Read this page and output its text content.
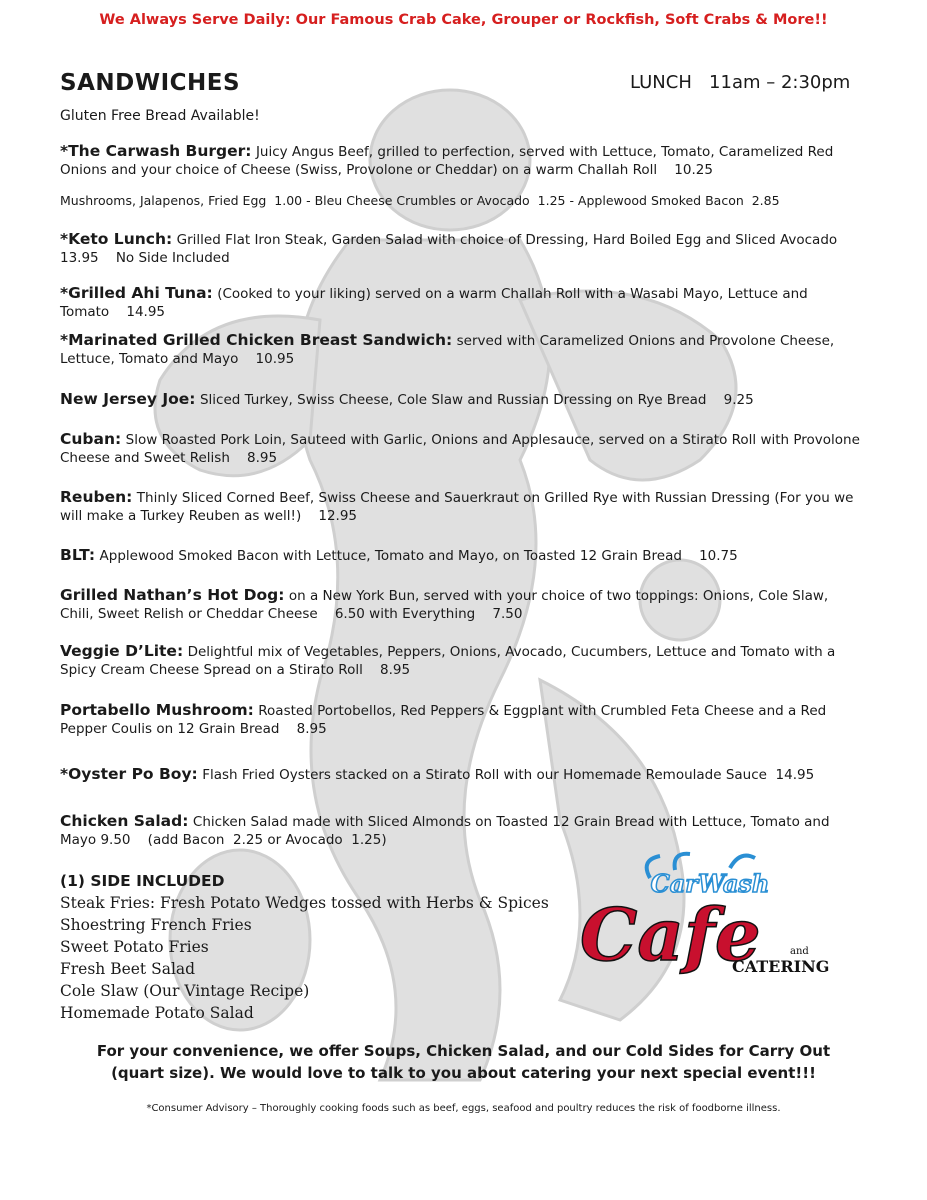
We Always Serve Daily: Our Famous Crab Cake, Grouper or Rockfish, Soft Crabs & More!!
SANDWICHES	LUNCH   11am – 2:30pm
Gluten Free Bread Available!
*The Carwash Burger: Juicy Angus Beef, grilled to perfection, served with Lettuce, Tomato, Caramelized Red Onions and your choice of Cheese (Swiss, Provolone or Cheddar) on a warm Challah Roll    10.25
Mushrooms, Jalapenos, Fried Egg  1.00 - Bleu Cheese Crumbles or Avocado  1.25 - Applewood Smoked Bacon  2.85
*Keto Lunch: Grilled Flat Iron Steak, Garden Salad with choice of Dressing, Hard Boiled Egg and Sliced Avocado    13.95    No Side Included
*Grilled Ahi Tuna: (Cooked to your liking) served on a warm Challah Roll with a Wasabi Mayo, Lettuce and Tomato    14.95
*Marinated Grilled Chicken Breast Sandwich: served with Caramelized Onions and Provolone Cheese, Lettuce, Tomato and Mayo    10.95
New Jersey Joe: Sliced Turkey, Swiss Cheese, Cole Slaw and Russian Dressing on Rye Bread    9.25
Cuban: Slow Roasted Pork Loin, Sauteed with Garlic, Onions and Applesauce, served on a Stirato Roll with Provolone Cheese and Sweet Relish    8.95
Reuben: Thinly Sliced Corned Beef, Swiss Cheese and Sauerkraut on Grilled Rye with Russian Dressing (For you we will make a Turkey Reuben as well!)    12.95
BLT: Applewood Smoked Bacon with Lettuce, Tomato and Mayo, on Toasted 12 Grain Bread    10.75
Grilled Nathan’s Hot Dog: on a New York Bun, served with your choice of two toppings: Onions, Cole Slaw, Chili, Sweet Relish or Cheddar Cheese    6.50 with Everything    7.50
Veggie D’Lite: Delightful mix of Vegetables, Peppers, Onions, Avocado, Cucumbers, Lettuce and Tomato with a Spicy Cream Cheese Spread on a Stirato Roll    8.95
Portabello Mushroom: Roasted Portobellos, Red Peppers & Eggplant with Crumbled Feta Cheese and a Red Pepper Coulis on 12 Grain Bread    8.95
*Oyster Po Boy: Flash Fried Oysters stacked on a Stirato Roll with our Homemade Remoulade Sauce  14.95
Chicken Salad: Chicken Salad made with Sliced Almonds on Toasted 12 Grain Bread with Lettuce, Tomato and Mayo 9.50    (add Bacon  2.25 or Avocado  1.25)
(1) SIDE INCLUDED
Steak Fries: Fresh Potato Wedges tossed with Herbs & Spices
Shoestring French Fries
Sweet Potato Fries
Fresh Beet Salad
Cole Slaw (Our Vintage Recipe)
Homemade Potato Salad
CarWash
Cafe	and
CATERING
For your convenience, we offer Soups, Chicken Salad, and our Cold Sides for Carry Out
(quart size). We would love to talk to you about catering your next special event!!!
*Consumer Advisory – Thoroughly cooking foods such as beef, eggs, seafood and poultry reduces the risk of foodborne illness.
